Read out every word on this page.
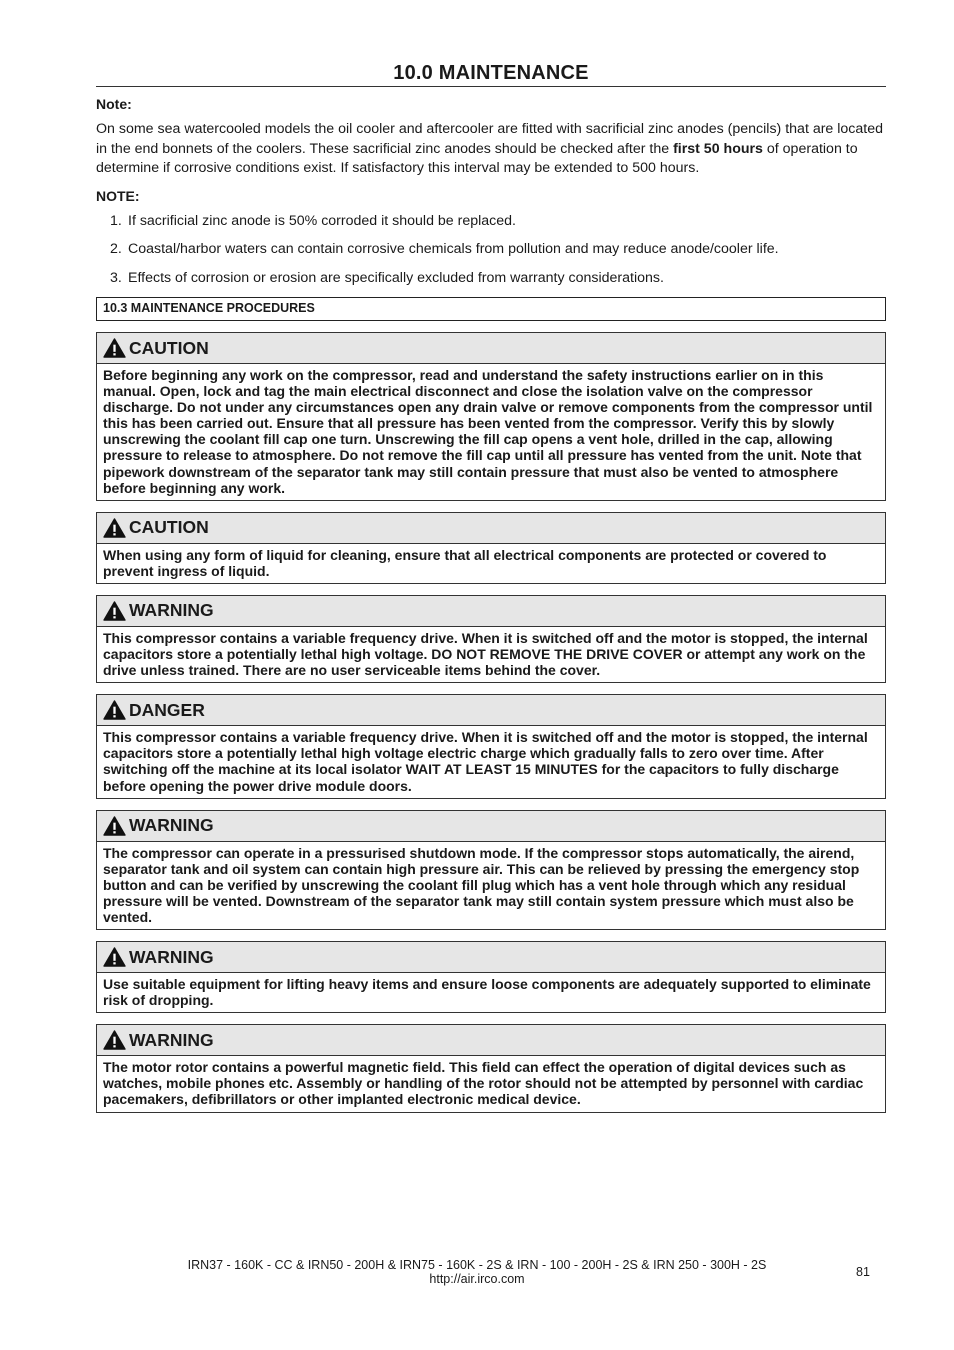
10.0 MAINTENANCE
Note:

On some sea watercooled models the oil cooler and aftercooler are fitted with sacrificial zinc anodes (pencils) that are located in the end bonnets of the coolers. These sacrificial zinc anodes should be checked after the first 50 hours of operation to determine if corrosive conditions exist. If satisfactory this interval may be extended to 500 hours.

NOTE:
1. If sacrificial zinc anode is 50% corroded it should be replaced.
2. Coastal/harbor waters can contain corrosive chemicals from pollution and may reduce anode/cooler life.
3. Effects of corrosion or erosion are specifically excluded from warranty considerations.
10.3 MAINTENANCE PROCEDURES
CAUTION
Before beginning any work on the compressor, read and understand the safety instructions earlier on in this manual. Open, lock and tag the main electrical disconnect and close the isolation valve on the compressor discharge. Do not under any circumstances open any drain valve or remove components from the compressor until this has been carried out. Ensure that all pressure has been vented from the compressor. Verify this by slowly unscrewing the coolant fill cap one turn. Unscrewing the fill cap opens a vent hole, drilled in the cap, allowing pressure to release to atmosphere. Do not remove the fill cap until all pressure has vented from the unit. Note that pipework downstream of the separator tank may still contain pressure that must also be vented to atmosphere before beginning any work.
CAUTION
When using any form of liquid for cleaning, ensure that all electrical components are protected or covered to prevent ingress of liquid.
WARNING
This compressor contains a variable frequency drive. When it is switched off and the motor is stopped, the internal capacitors store a potentially lethal high voltage. DO NOT REMOVE THE DRIVE COVER or attempt any work on the drive unless trained. There are no user serviceable items behind the cover.
DANGER
This compressor contains a variable frequency drive. When it is switched off and the motor is stopped, the internal capacitors store a potentially lethal high voltage electric charge which gradually falls to zero over time. After switching off the machine at its local isolator WAIT AT LEAST 15 MINUTES for the capacitors to fully discharge before opening the power drive module doors.
WARNING
The compressor can operate in a pressurised shutdown mode. If the compressor stops automatically, the airend, separator tank and oil system can contain high pressure air. This can be relieved by pressing the emergency stop button and can be verified by unscrewing the coolant fill plug which has a vent hole through which any residual pressure will be vented. Downstream of the separator tank may still contain system pressure which must also be vented.
WARNING
Use suitable equipment for lifting heavy items and ensure loose components are adequately supported to eliminate risk of dropping.
WARNING
The motor rotor contains a powerful magnetic field. This field can effect the operation of digital devices such as watches, mobile phones etc. Assembly or handling of the rotor should not be attempted by personnel with cardiac pacemakers, defibrillators or other implanted electronic medical device.
IRN37 - 160K - CC & IRN50 - 200H & IRN75 - 160K - 2S & IRN - 100 - 200H - 2S & IRN 250 - 300H - 2S
http://air.irco.com	81
